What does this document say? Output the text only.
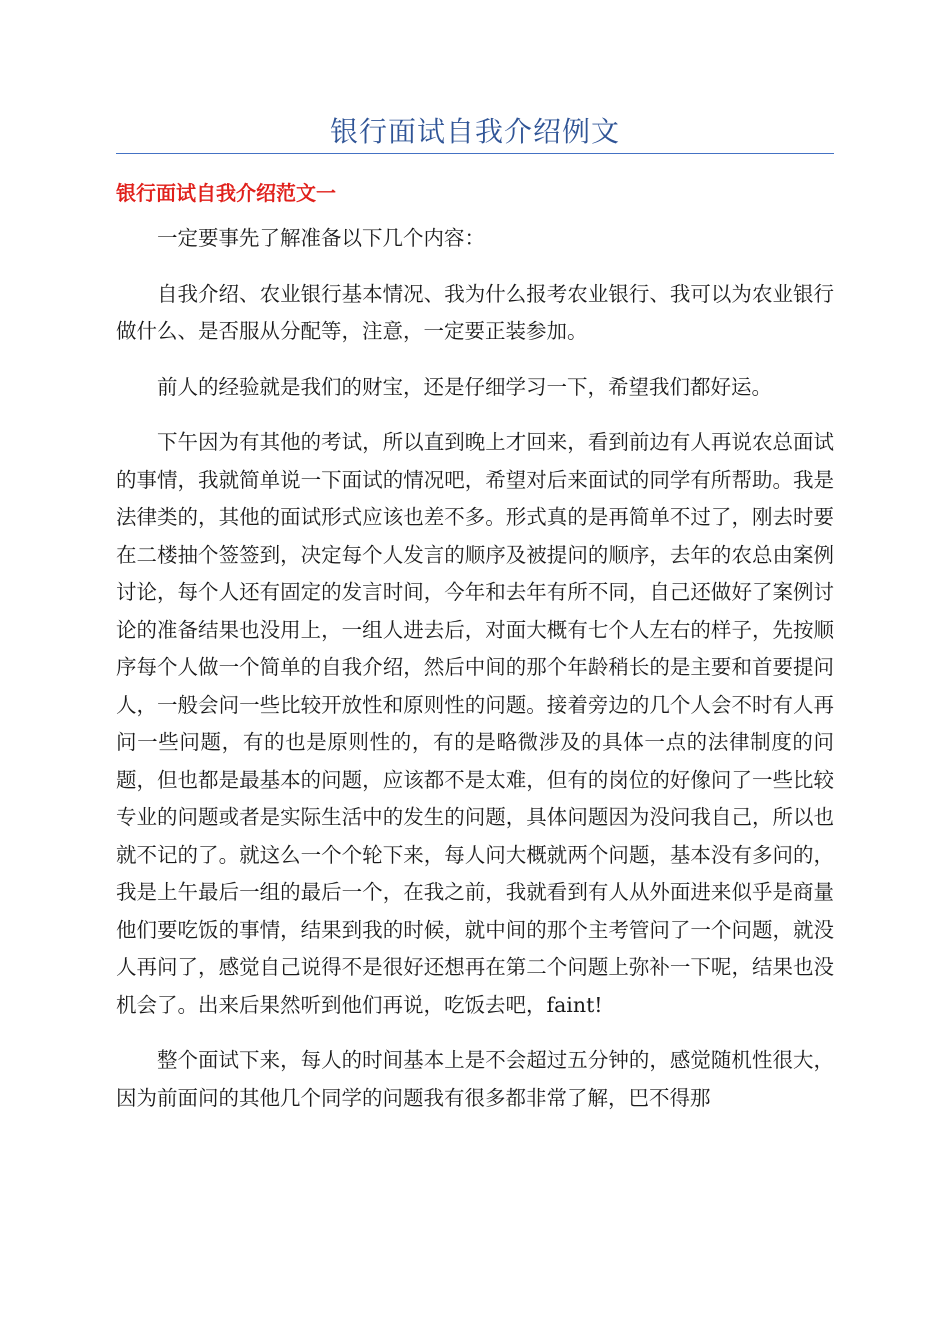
银行面试自我介绍例文
银行面试自我介绍范文一

一定要事先了解准备以下几个内容：

自我介绍、农业银行基本情况、我为什么报考农业银行、我可以为农业银行做什么、是否服从分配等，注意，一定要正装参加。

前人的经验就是我们的财宝，还是仔细学习一下，希望我们都好运。

下午因为有其他的考试，所以直到晚上才回来，看到前边有人再说农总面试的事情，我就简单说一下面试的情况吧，希望对后来面试的同学有所帮助。我是法律类的，其他的面试形式应该也差不多。形式真的是再简单不过了，刚去时要在二楼抽个签签到，决定每个人发言的顺序及被提问的顺序，去年的农总由案例讨论，每个人还有固定的发言时间，今年和去年有所不同，自己还做好了案例讨论的准备结果也没用上，一组人进去后，对面大概有七个人左右的样子，先按顺序每个人做一个简单的自我介绍，然后中间的那个年龄稍长的是主要和首要提问人，一般会问一些比较开放性和原则性的问题。接着旁边的几个人会不时有人再问一些问题，有的也是原则性的，有的是略微涉及的具体一点的法律制度的问题，但也都是最基本的问题，应该都不是太难，但有的岗位的好像问了一些比较专业的问题或者是实际生活中的发生的问题，具体问题因为没问我自己，所以也就不记的了。就这么一个个轮下来，每人问大概就两个问题，基本没有多问的，我是上午最后一组的最后一个，在我之前，我就看到有人从外面进来似乎是商量他们要吃饭的事情，结果到我的时候，就中间的那个主考管问了一个问题，就没人再问了，感觉自己说得不是很好还想再在第二个问题上弥补一下呢，结果也没机会了。出来后果然听到他们再说，吃饭去吧，faint!

整个面试下来，每人的时间基本上是不会超过五分钟的，感觉随机性很大，因为前面问的其他几个同学的问题我有很多都非常了解，巴不得那
